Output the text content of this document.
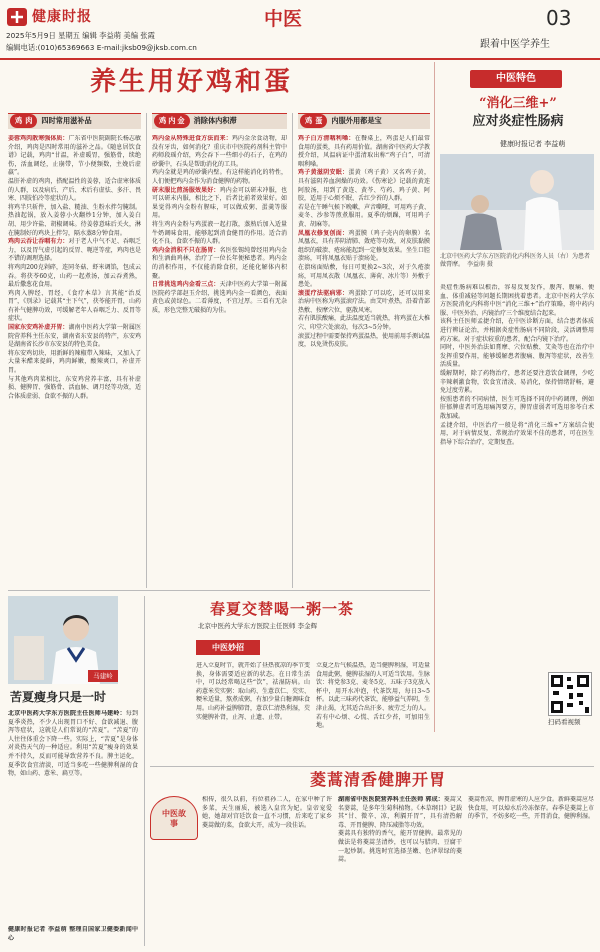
健康时报
2025年5月9日 星期五 编辑 李益萌 美编 张霞
编辑电话:(010)65369663 E-mail:jksb09@jksb.com.cn
中医	03
跟着中医学养生
养生用好鸡和蛋
鸡 肉 四时常用滋补品	鸡 内 金 消除体内积滞	鸡 蛋 内服外用都是宝

姜蓉鸡肉散寒强体质：广东省中医院副院长杨志敏介绍，鸡肉是四时常用的滋补之品。《随息居饮食谱》记载，鸡肉“甘温，补虚暖胃，强筋骨，续绝伤，活血调经，止崩带，节小便频数，主娩后虚羸”。

温肝补虚的鸡肉，搭配温性的姜蓉，适合虚寒体质的人群，以及病后、产后、术后有虚怯、多汗、畏寒、四肢怕冷等症状的人。

将鸡半只斩件，加入盐、糙油、生粉水拌匀腌制。热油起锅，放入姜蓉小火翻炒1分钟，加入姜白胡、用少许盐、胡椒调味。待姜蓉意味后关火，淋在腌制好的鸡块上拌匀，隔水蒸8分钟食用。

鸡肉云吞让吞咽有力：对于老人中气不足、吞咽乏力，以及胃气虚引起的反胃、呃逆等症，鸡肉也是不错的调理选择。

将鸡肉200克剁碎，连同冬菇、虾米调馅，包成云吞。将茯苓60克，山药一起煮汤，加云吞煮熟，最后撒葱花食用。

鸡肉入脾经、胃经，《食疗本草》言其能“治反胃”，《别录》记载其“主下气”，茯苓能开胃，山药有补气健脾功效，可缓解老年人吞咽乏力、反胃等症状。

国家东安鸡补虚开胃：湖南中医药大学第一附属医院营养科主任东安，湖南省东安县的特产，东安鸡是湖南省长沙市东安县的特色美食。

将东安鸡切块，用新鲜的辣椒带入辣味，又加入了大量米醋来提鲜，鸡肉鲜嫩，酸辣爽口，补虚开胃。

与其他鸡肉菜相比，东安鸡营养丰富，具有补虚损、健脾胃、强筋骨、活血脉、调月经等功效，适合体质虚弱、食欲不振的人群。

鸡内金从特殊进食方法而来：鸡内金余食动物，却没有牙齿，如何消化？重庆市中医院药剂科主管中药师段瑶介绍，鸡会吞下一些细小的石子，在鸡的砂囊中，石头是帮助消化的工具。

鸡内金就是鸡的砂囊内壁。有这样能消化的特性，人们便把鸡内金作为消食健脾的药物。

研末服比煎汤服效果好：鸡内金可以研末冲服，也可以研末内服，相比之下，后者比前者效果好。如果觉得鸡内金粉有腥味，可以做成粥、蛋羹等服用。

将生鸡内金粉与鸡蛋液一起打散，蒸熟后加入适量牛奶调味食用，能够起到消食健胃的作用。适合消化不良、食欲不振的人群。

鸡内金消积不只在肠胃：名医张锡纯曾经用鸡内金和生酒曲鸡林，治疗了一位长年便秘患者。鸡内金的消积作用，不仅能消除食积，还能化解体内积聚。

日常挑选鸡内金看三点：天津中医药大学第一附属医院药学部赵玉介绍，挑选鸡内金一看颜色，表面黄色或黄绿色。二看薄度，不宜过厚。三看有无杂质，形色完整无破损的为佳。

鸡子白方清咽利嗓：在餐桌上，鸡蛋是人们最常食用的蛋类，具有药用价值。湖南省中医药大学教授介绍，风温病证中蛋清取出称“鸡子白”，可清咽利嗓。

鸡子黄滋阴安眠：蛋黄（鸡子黄）又名鸡子黄，具有滋阴养血润燥的功效。《伤寒论》记载的黄连阿胶汤，用到了黄连、黄芩、芍药、鸡子黄、阿胶，适用于心烦不眠、舌红少苔的人群。

若是在午睡气候下晚嗽，声音嘶哑，可用鸡子黄、麦冬、沙参等煎煮服用。夏季的烦躁，可用鸡子黄、胡麻等。

凤凰衣修复创面：鸡蛋膜（鸡子壳内的卵膜）名凤凰衣，具有养阴清肺、敛疮等功效，对皮肤黏膜组织的破溃、疮疡能起到一定修复效果。坐生口腔溃疡，可将凤凰衣贴于溃疡处。

在溃疡面贴敷，每日可更换2~3次，对于久疮溃疡，可用凤衣散（凤凰衣、薄荷、冰片等）外敷于患处。

滚蛋疗法驱病邪：鸡蛋除了可以吃，还可以用来治病中医称为鸡蛋滚疗法。由艾叶煮热，沿着背部热敷、按摩穴位，驱散风寒。

若有肌肤酸痛，此法温度适当就热，将鸡蛋在大椎穴、印堂穴处滚动，每次3~5分钟。

滚蛋过程中需要保持鸡蛋温热，使用前用手测试温度，以免烫伤皮肤。

中医特色
“消化三维+”
应对炎症性肠病
健康时报记者 李益萌
北京中医药大学东方医院消化内科医务人员（右）为患者做膏摩。 李益萌 摄

炎症性肠病难以根治，容易反复发作，腹泻、腹痛、便血、体重减轻等问题长期困扰着患者。北京中医药大学东方医院消化内科将中医“消化三维+”治疗策略，将中药内服、中医外治、内镜治疗三个维度结合起来。

该科主任医师孟捷介绍，在中医诊断方面，结合患者体质进行辨证论治，并根据炎症性肠病不同阶段，灵活调整用药方案。对于症状较重的患者，配合内镜下治疗。

同时，中医外治法如膏摩、穴位贴敷、艾灸等也在治疗中发挥重要作用，能够缓解患者腹痛、腹泻等症状，改善生活质量。

缓解期时，除了药物治疗，患者还要注意饮食调理，少吃辛辣刺激食物，饮食宜清淡、易消化，保持情绪舒畅，避免过度劳累。

按照患者的不同病情，医生可选择不同的中药调理，例如肝郁脾虚者可选用痛泻要方，脾胃虚弱者可选用参苓白术散加减。

孟捷介绍，中医治疗一般是将“消化三维+”方案结合使用，对于病情反复、常规治疗效果不佳的患者，可在医生指导下综合治疗，定期复查。

扫码看视频
春夏交替喝一粥一茶
北京中医药大学东方医院主任医师 李金辉
中医妙招
进入立夏时节，就开始了昼热夜凉的季节变换，身体需要适应新的状态。在日常生活中，可以经常喝这些“饮”，祛湿防病。山药薏米芡实粥：取山药、生薏苡仁、芡实、粳米适量，熬煮成粥，有加少量白糖调味食用。山药补益脾肺肾，薏苡仁清热利湿，芡实健脾补肾，止泻、止遗、止带。
立夏之后气候温热，适当健脾利湿，可适量食用此粥，健脾祛湿的人可适当饮用。生脉饮：将党参3克、麦冬5克、五味子3克放入杯中，用开水冲泡，代茶饮用，每日3~5杯。以此三味药代茶饮，能够益气养阴，生津止渴，尤其适合出汗多、疲劳乏力的人。若有中心烦、心慌、舌红少苔，可加用生地。
马建岭
苦夏瘦身只是一时

北京中医药大学东方医院主任医师马建岭：每到夏季炎热，不少人出现胃口不好、食欲减退、腹泻等症状，这就是人们常说的“苦夏”。“苦夏”的人往往体重会下降一些。实际上，“苦夏”是身体对炎热天气的一种适应。利用“苦夏”瘦身的效果并不持久，反而可能导致营养不良。脾主运化，夏季饮食宜清淡，可适当多吃一些健脾利湿的食物，如山药、薏米、扁豆等。

健康时报记者 李益萌 整理自国家卫健委新闻中心
菱蒿清香健脾开胃
中医故事

相传，很久以前，有位祖孙二人，在家中种了许多菜，天生丽质，被选入皇宫为妃。皇帝宠爱她，她却对宫廷饮食一直不习惯，后来吃了家乡菱蒿做的菜，食欲大开，成为一段佳话。

湖南省中医医院营养科主任医师 郭成：菱蒿又名蒌蒿，是多年生菊科植物。《本草纲目》记载其“甘、微辛、凉，利膈开胃”，具有清热解毒、开胃健脾、降压减脂等功效。

菱蒿具有独特的香气，能开胃健脾。最常见的做法是将菱蒿茎清炒，也可以与腊肉、豆腐干一起炒制。挑选时宜选择茎嫩、色泽翠绿的菱蒿。

菱蒿性凉，脾胃虚寒的人应少食。新鲜菱蒿应尽快食用，可以焯水后冷冻保存。春季是菱蒿上市的季节，不妨多吃一些，开胃消食，健脾利湿。
